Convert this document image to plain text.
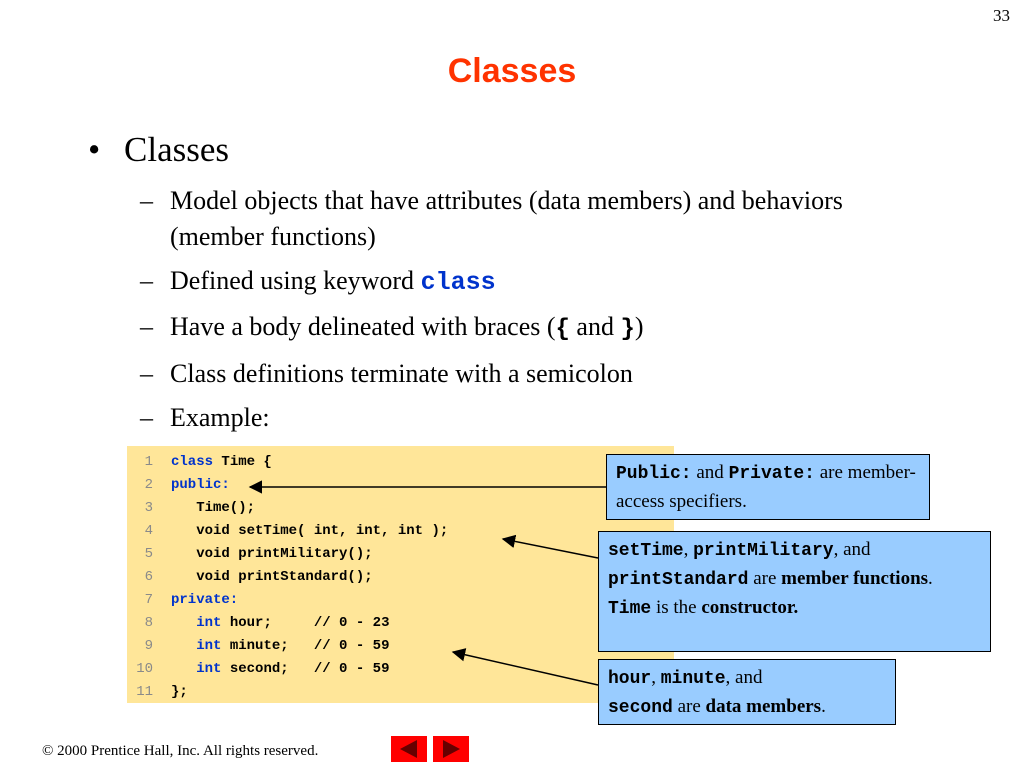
33
Classes
• Classes
– Model objects that have attributes (data members) and behaviors (member functions)
– Defined using keyword class
– Have a body delineated with braces ({ and })
– Class definitions terminate with a semicolon
– Example:
1 class Time {
2 public:
3   Time();
4   void setTime( int, int, int );
5   void printMilitary();
6   void printStandard();
7 private:
8	int hour;     // 0 - 23
9	int minute;   // 0 - 59
10	int second;   // 0 - 59
11 };
Public: and Private: are member-access specifiers.
setTime, printMilitary, and
printStandard are member functions.
Time is the constructor.
hour, minute, and
second are data members.
© 2000 Prentice Hall, Inc. All rights reserved.
